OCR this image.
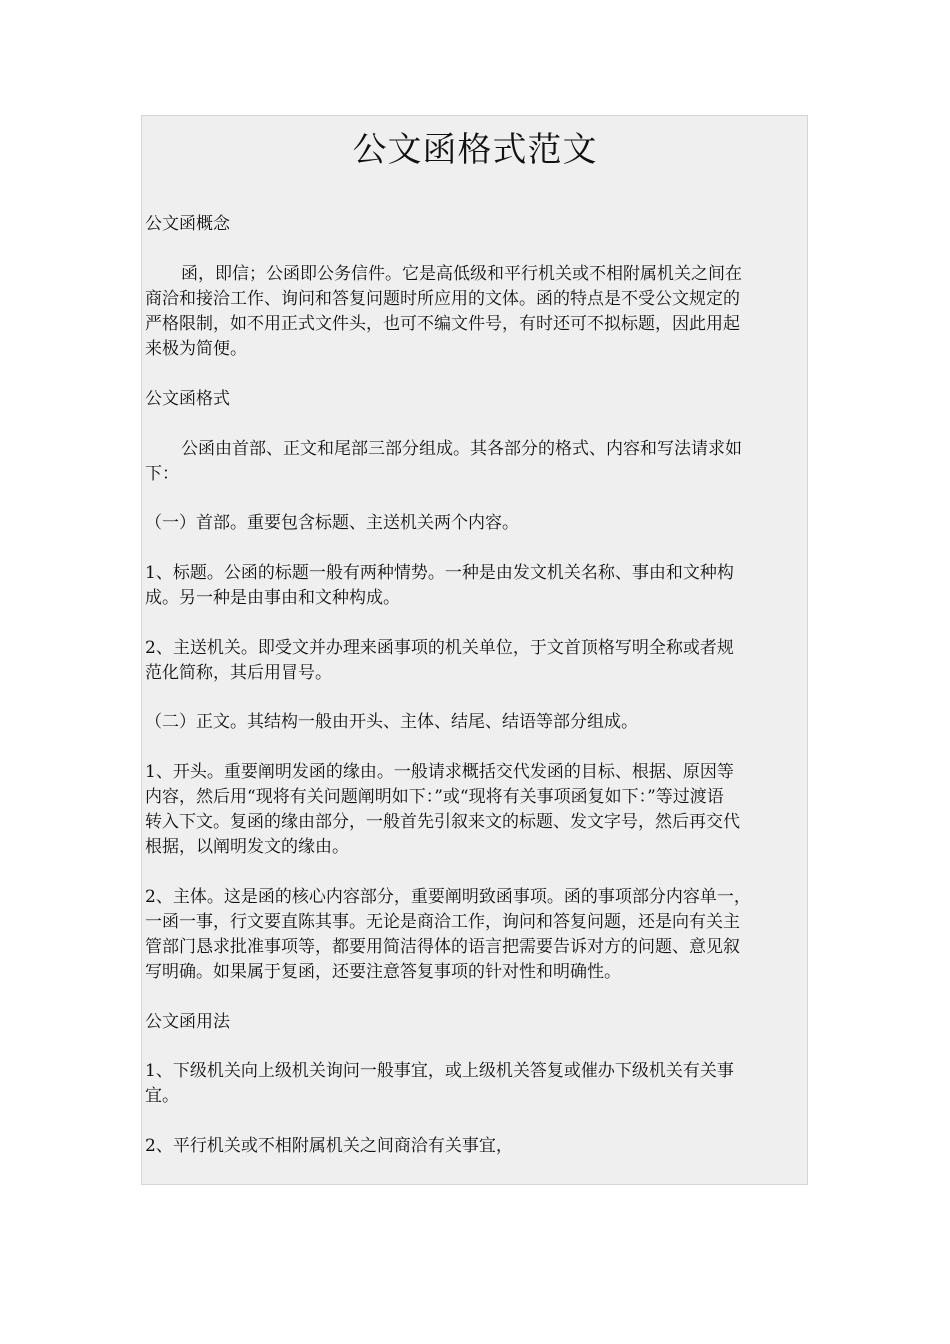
公文函格式范文
公文函概念
函，即信；公函即公务信件。它是高低级和平行机关或不相附属机关之间在
商洽和接洽工作、询问和答复问题时所应用的文体。函的特点是不受公文规定的
严格限制，如不用正式文件头，也可不编文件号，有时还可不拟标题，因此用起
来极为简便。
公文函格式
公函由首部、正文和尾部三部分组成。其各部分的格式、内容和写法请求如
下：
（一）首部。重要包含标题、主送机关两个内容。
1、标题。公函的标题一般有两种情势。一种是由发文机关名称、事由和文种构
成。另一种是由事由和文种构成。
2、主送机关。即受文并办理来函事项的机关单位，于文首顶格写明全称或者规
范化简称，其后用冒号。
（二）正文。其结构一般由开头、主体、结尾、结语等部分组成。
1、开头。重要阐明发函的缘由。一般请求概括交代发函的目标、根据、原因等
内容，然后用“现将有关问题阐明如下：”或“现将有关事项函复如下：”等过渡语
转入下文。复函的缘由部分，一般首先引叙来文的标题、发文字号，然后再交代
根据，以阐明发文的缘由。
2、主体。这是函的核心内容部分，重要阐明致函事项。函的事项部分内容单一，
一函一事，行文要直陈其事。无论是商洽工作，询问和答复问题，还是向有关主
管部门恳求批准事项等，都要用简洁得体的语言把需要告诉对方的问题、意见叙
写明确。如果属于复函，还要注意答复事项的针对性和明确性。
公文函用法
1、下级机关向上级机关询问一般事宜，或上级机关答复或催办下级机关有关事
宜。
2、平行机关或不相附属机关之间商洽有关事宜，
